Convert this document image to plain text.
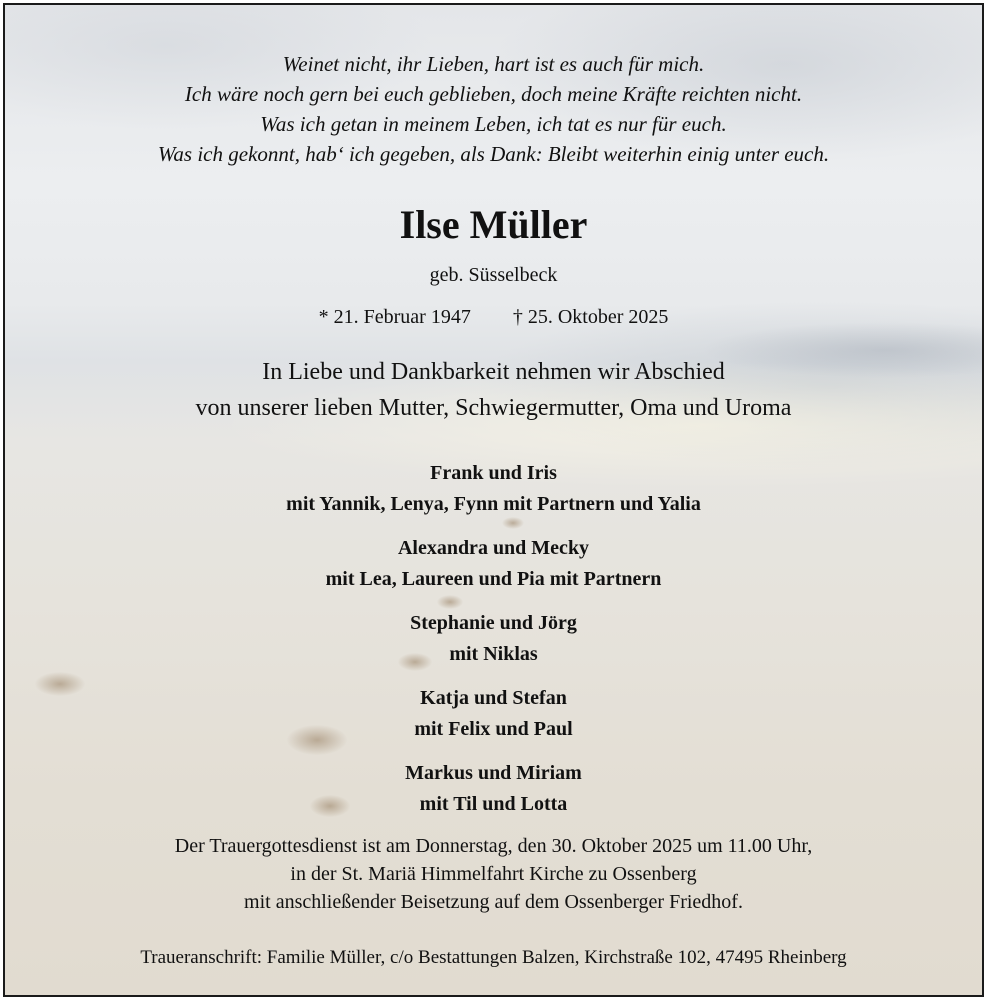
Weinet nicht, ihr Lieben, hart ist es auch für mich.
Ich wäre noch gern bei euch geblieben, doch meine Kräfte reichten nicht.
Was ich getan in meinem Leben, ich tat es nur für euch.
Was ich gekonnt, hab‘ ich gegeben, als Dank: Bleibt weiterhin einig unter euch.
Ilse Müller
geb. Süsselbeck
* 21. Februar 1947 † 25. Oktober 2025
In Liebe und Dankbarkeit nehmen wir Abschied
von unserer lieben Mutter, Schwiegermutter, Oma und Uroma
Frank und Iris
mit Yannik, Lenya, Fynn mit Partnern und Yalia
Alexandra und Mecky
mit Lea, Laureen und Pia mit Partnern
Stephanie und Jörg
mit Niklas
Katja und Stefan
mit Felix und Paul
Markus und Miriam
mit Til und Lotta
Der Trauergottesdienst ist am Donnerstag, den 30. Oktober 2025 um 11.00 Uhr,
in der St. Mariä Himmelfahrt Kirche zu Ossenberg
mit anschließender Beisetzung auf dem Ossenberger Friedhof.
Traueranschrift: Familie Müller, c/o Bestattungen Balzen, Kirchstraße 102, 47495 Rheinberg
